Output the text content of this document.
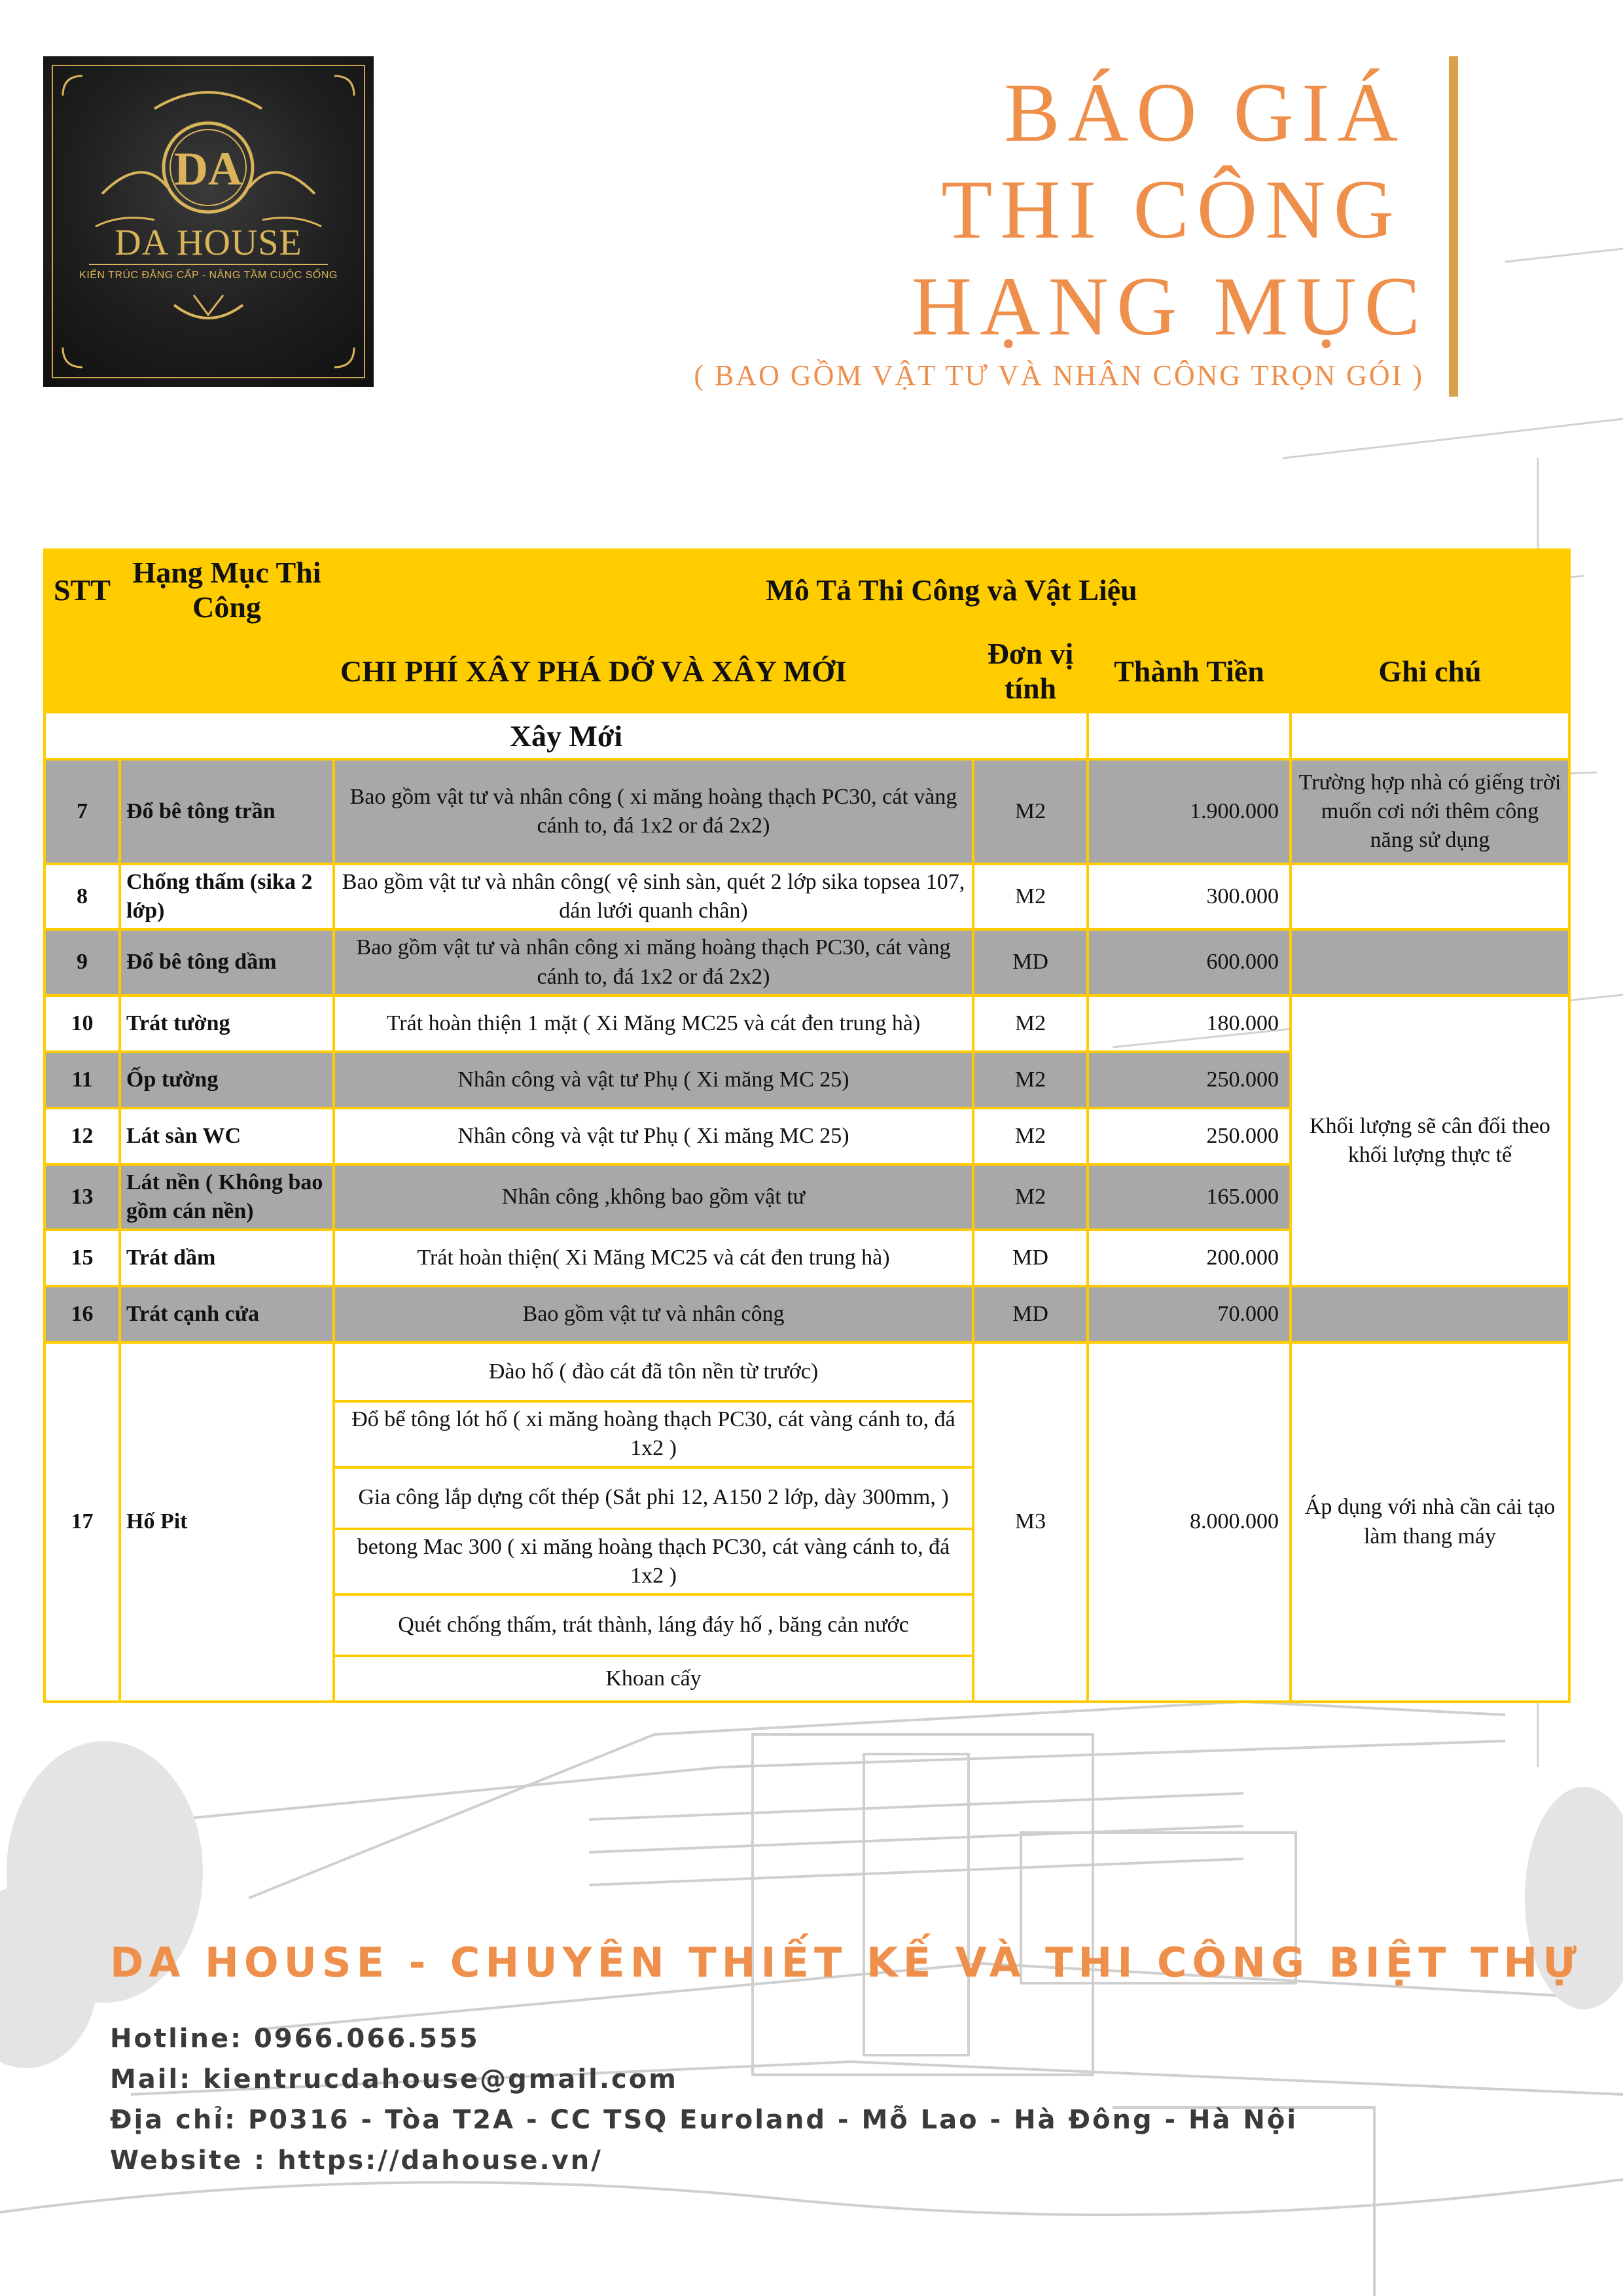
DA
DA HOUSE
KIẾN TRÚC ĐẲNG CẤP - NÂNG TẦM CUỘC SỐNG
BÁO GIÁ
THI CÔNG
HẠNG MỤC
( BAO GỒM VẬT TƯ VÀ NHÂN CÔNG TRỌN GÓI )
STT	Hạng Mục Thi Công	Mô Tả Thi Công và Vật Liệu			
		CHI PHÍ XÂY PHÁ DỠ VÀ XÂY MỚI	Đơn vị tính	Thành Tiền	Ghi chú
Xây Mới					
7	Đổ bê tông trần	Bao gồm vật tư và nhân công ( xi măng hoàng thạch PC30, cát vàng cánh to, đá 1x2 or đá 2x2)	M2	1.900.000	Trường hợp nhà có giếng trời muốn cơi nới thêm công năng sử dụng
8	Chống thấm (sika 2 lớp)	Bao gồm vật tư và nhân công( vệ sinh sàn, quét 2 lớp sika topsea 107, dán lưới quanh chân)	M2	300.000	
9	Đổ bê tông dầm	Bao gồm vật tư và nhân công xi măng hoàng thạch PC30, cát vàng cánh to, đá 1x2 or đá 2x2)	MD	600.000	
10	Trát tường	Trát hoàn thiện 1 mặt ( Xi Măng MC25 và cát đen trung hà)	M2	180.000	Khối lượng sẽ cân đối theo khối lượng thực tế
11	Ốp tường	Nhân công và vật tư Phụ ( Xi măng MC 25)	M2	250.000	
12	Lát sàn WC	Nhân công và vật tư Phụ ( Xi măng MC 25)	M2	250.000	
13	Lát nền ( Không bao gồm cán nền)	Nhân công ,không bao gồm vật tư	M2	165.000	
15	Trát dầm	Trát hoàn thiện( Xi Măng MC25 và cát đen trung hà)	MD	200.000	
16	Trát cạnh cửa	Bao gồm vật tư và nhân công	MD	70.000	
17	Hố Pit	Đào hố ( đào cát đã tôn nền từ trước)	M3	8.000.000	Áp dụng với nhà cần cải tạo làm thang máy
		Đổ bể tông lót hố ( xi măng hoàng thạch PC30, cát vàng cánh to, đá 1x2 )			
		Gia công lắp dựng cốt thép (Sắt phi 12, A150 2 lớp, dày 300mm, )			
		betong Mac 300 ( xi măng hoàng thạch PC30, cát vàng cánh to, đá 1x2 )			
		Quét chống thấm, trát thành, láng đáy hố , băng cản nước			
		Khoan cấy			
DA HOUSE - CHUYÊN THIẾT KẾ VÀ THI CÔNG BIỆT THỰ
Hotline: 0966.066.555
Mail: kientrucdahouse@gmail.com
Địa chỉ: P0316 - Tòa T2A - CC TSQ Euroland - Mỗ Lao - Hà Đông - Hà Nội
Website : https://dahouse.vn/
